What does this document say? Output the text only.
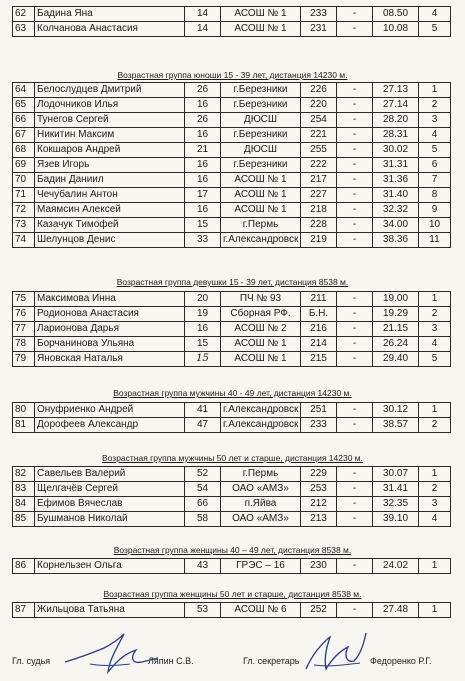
62	Бадина Яна	14	АСОШ № 1	233	-	08.50	4
63	Колчанова Анастасия	14	АСОШ № 1	231	-	10.08	5
Возрастная группа юноши 15 - 39 лет, дистанция 14230 м.
64	Белослудцев Дмитрий	26	г.Березники	226	-	27.13	1
65	Лодочников Илья	16	г.Березники	220	-	27.14	2
66	Тунегов Сергей	26	ДЮСШ	254	-	28.20	3
67	Никитин Максим	16	г.Березники	221	-	28.31	4
68	Кокшаров Андрей	21	ДЮСШ	255	-	30.02	5
69	Язев Игорь	16	г.Березники	222	-	31.31	6
70	Бадин Даниил	16	АСОШ № 1	217	-	31.36	7
71	Чечубалин Антон	17	АСОШ № 1	227	-	31.40	8
72	Маямсин Алексей	16	АСОШ № 1	218	-	32.32	9
73	Казачук Тимофей	15	г.Пермь	228	-	34.00	10
74	Шелунцов Денис	33	г.Александровск	219	-	38.36	11
Возрастная группа девушки 15 - 39 лет, дистанция 8538 м.
75	Максимова Инна	20	ПЧ № 93	211	-	19.00	1
76	Родионова Анастасия	19	Сборная РФ.	Б.Н.	-	19.29	2
77	Ларионова Дарья	16	АСОШ № 2	216	-	21.15	3
78	Борчанинова Ульяна	15	АСОШ № 1	214	-	26.24	4
79	Яновская Наталья	15	АСОШ № 1	215	-	29.40	5
Возрастная группа мужчины 40 - 49 лет, дистанция 14230 м.
80	Онуфриенко Андрей	41	г.Александровск	251	-	30.12	1
81	Дорофеев Александр	47	г.Александровск	233	-	38.57	2
Возрастная группа мужчины 50 лет и старше, дистанция 14230 м.
82	Савельев Валерий	52	г.Пермь	229	-	30.07	1
83	Щелгачёв Сергей	54	ОАО «АМЗ»	253	-	31.41	2
84	Ефимов Вячеслав	66	п.Яйва	212	-	32.35	3
85	Бушманов Николай	58	ОАО «АМЗ»	213	-	39.10	4
Возрастная группа женщины 40 – 49 лет, дистанция 8538 м.
86	Корнельзен Ольга	43	ГРЭС – 16	230	-	24.02	1
Возрастная группа женщины 50 лет и старше, дистанция 8538 м.
87	Жильцова Татьяна	53	АСОШ № 6	252	-	27.48	1
Гл. судья	Ляпин С.В.	Гл. секретарь	Федоренко Р.Г.
